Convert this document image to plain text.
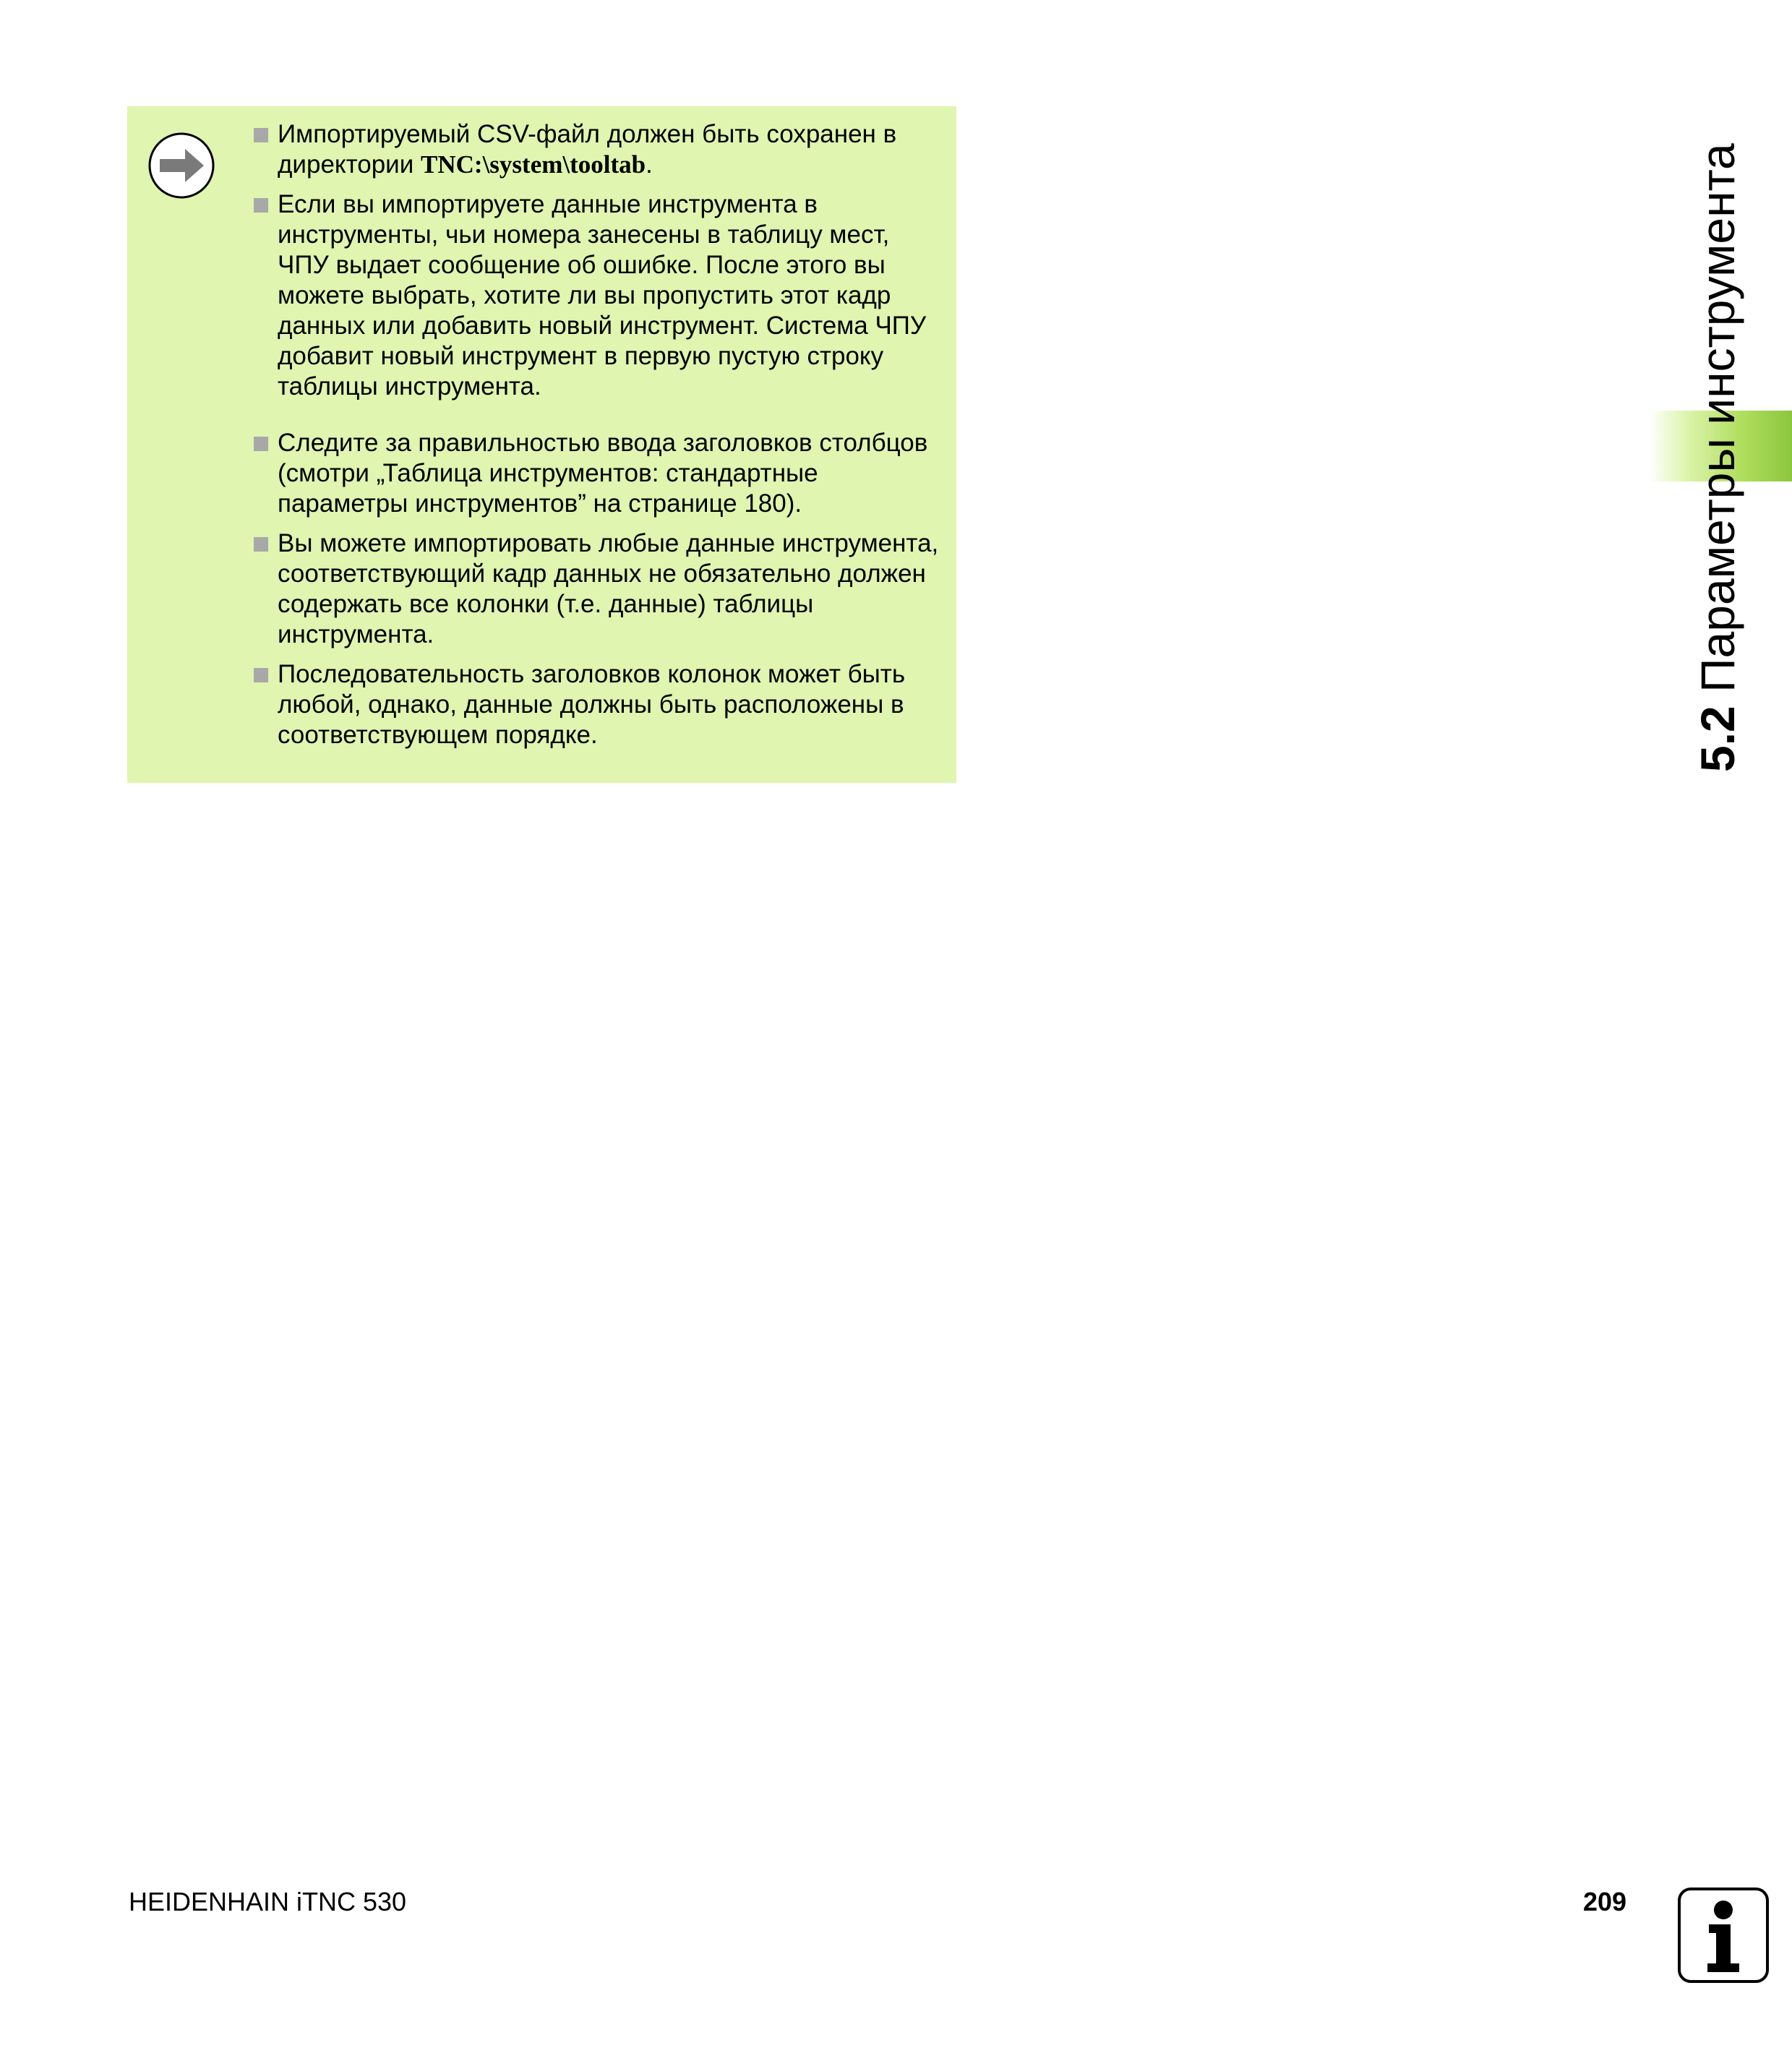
Импортируемый CSV-файл должен быть сохранен в директории TNC:\system\tooltab.
Если вы импортируете данные инструмента в инструменты, чьи номера занесены в таблицу мест, ЧПУ выдает сообщение об ошибке. После этого вы можете выбрать, хотите ли вы пропустить этот кадр данных или добавить новый инструмент. Система ЧПУ добавит новый инструмент в первую пустую строку таблицы инструмента.
Следите за правильностью ввода заголовков столбцов (смотри „Таблица инструментов: стандартные параметры инструментов” на странице 180).
Вы можете импортировать любые данные инструмента, соответствующий кадр данных не обязательно должен содержать все колонки (т.е. данные) таблицы инструмента.
Последовательность заголовков колонок может быть любой, однако, данные должны быть расположены в соответствующем порядке.	5.2 Параметры инструмента
HEIDENHAIN iTNC 530	209
